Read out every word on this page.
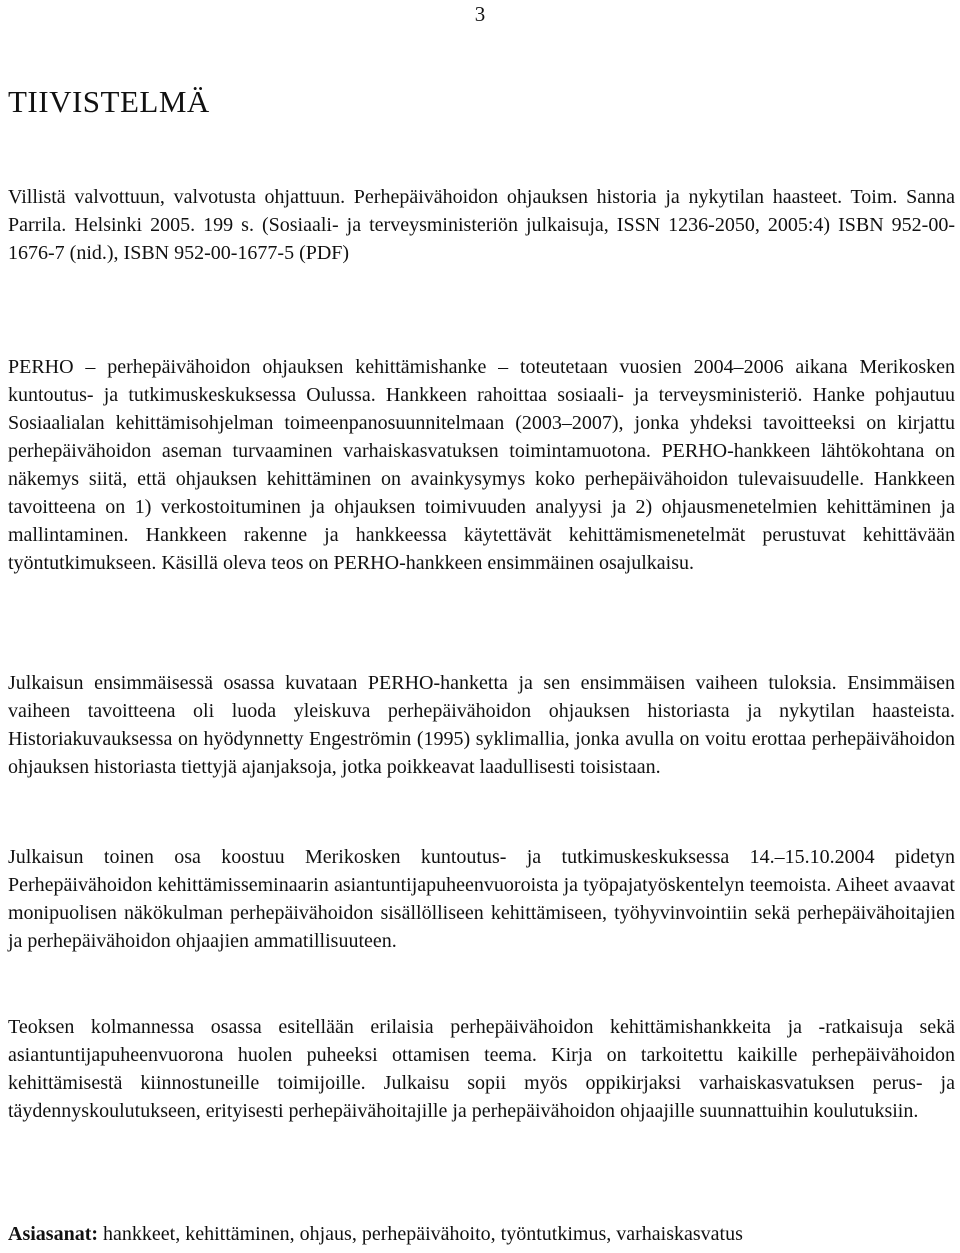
3
TIIVISTELMÄ

Villistä valvottuun, valvotusta ohjattuun. Perhepäivähoidon ohjauksen historia ja nykytilan haasteet. Toim. Sanna Parrila. Helsinki 2005. 199 s. (Sosiaali- ja terveysministeriön julkaisuja, ISSN 1236-2050, 2005:4) ISBN 952-00-1676-7 (nid.), ISBN 952-00-1677-5 (PDF)

PERHO – perhepäivähoidon ohjauksen kehittämishanke – toteutetaan vuosien 2004–2006 aikana Merikosken kuntoutus- ja tutkimuskeskuksessa Oulussa. Hankkeen rahoittaa sosiaali- ja terveysministeriö. Hanke pohjautuu Sosiaalialan kehittämisohjelman toimeenpanosuunnitelmaan (2003–2007), jonka yhdeksi tavoitteeksi on kirjattu perhepäivähoidon aseman turvaaminen varhaiskasvatuksen toimintamuotona. PERHO-hankkeen lähtökohtana on näkemys siitä, että ohjauksen kehittäminen on avainkysymys koko perhepäivähoidon tulevaisuudelle. Hankkeen tavoitteena on 1) verkostoituminen ja ohjauksen toimivuuden analyysi ja 2) ohjausmenetelmien kehittäminen ja mallintaminen. Hankkeen rakenne ja hankkeessa käytettävät kehittämismenetelmät perustuvat kehittävään työntutkimukseen. Käsillä oleva teos on PERHO-hankkeen ensimmäinen osajulkaisu.

Julkaisun ensimmäisessä osassa kuvataan PERHO-hanketta ja sen ensimmäisen vaiheen tuloksia. Ensimmäisen vaiheen tavoitteena oli luoda yleiskuva perhepäivähoidon ohjauksen historiasta ja nykytilan haasteista. Historiakuvauksessa on hyödynnetty Engeströmin (1995) syklimallia, jonka avulla on voitu erottaa perhepäivähoidon ohjauksen historiasta tiettyjä ajanjaksoja, jotka poikkeavat laadullisesti toisistaan.

Julkaisun toinen osa koostuu Merikosken kuntoutus- ja tutkimuskeskuksessa 14.–15.10.2004 pidetyn Perhepäivähoidon kehittämisseminaarin asiantuntijapuheenvuoroista ja työpajatyöskentelyn teemoista. Aiheet avaavat monipuolisen näkökulman perhepäivähoidon sisällölliseen kehittämiseen, työhyvinvointiin sekä perhepäivähoitajien ja perhepäivähoidon ohjaajien ammatillisuuteen.

Teoksen kolmannessa osassa esitellään erilaisia perhepäivähoidon kehittämishankkeita ja -ratkaisuja sekä asiantuntijapuheenvuorona huolen puheeksi ottamisen teema. Kirja on tarkoitettu kaikille perhepäivähoidon kehittämisestä kiinnostuneille toimijoille. Julkaisu sopii myös oppikirjaksi varhaiskasvatuksen perus- ja täydennyskoulutukseen, erityisesti perhepäivähoitajille ja perhepäivähoidon ohjaajille suunnattuihin koulutuksiin.

Asiasanat: hankkeet, kehittäminen, ohjaus, perhepäivähoito, työntutkimus, varhaiskasvatus
